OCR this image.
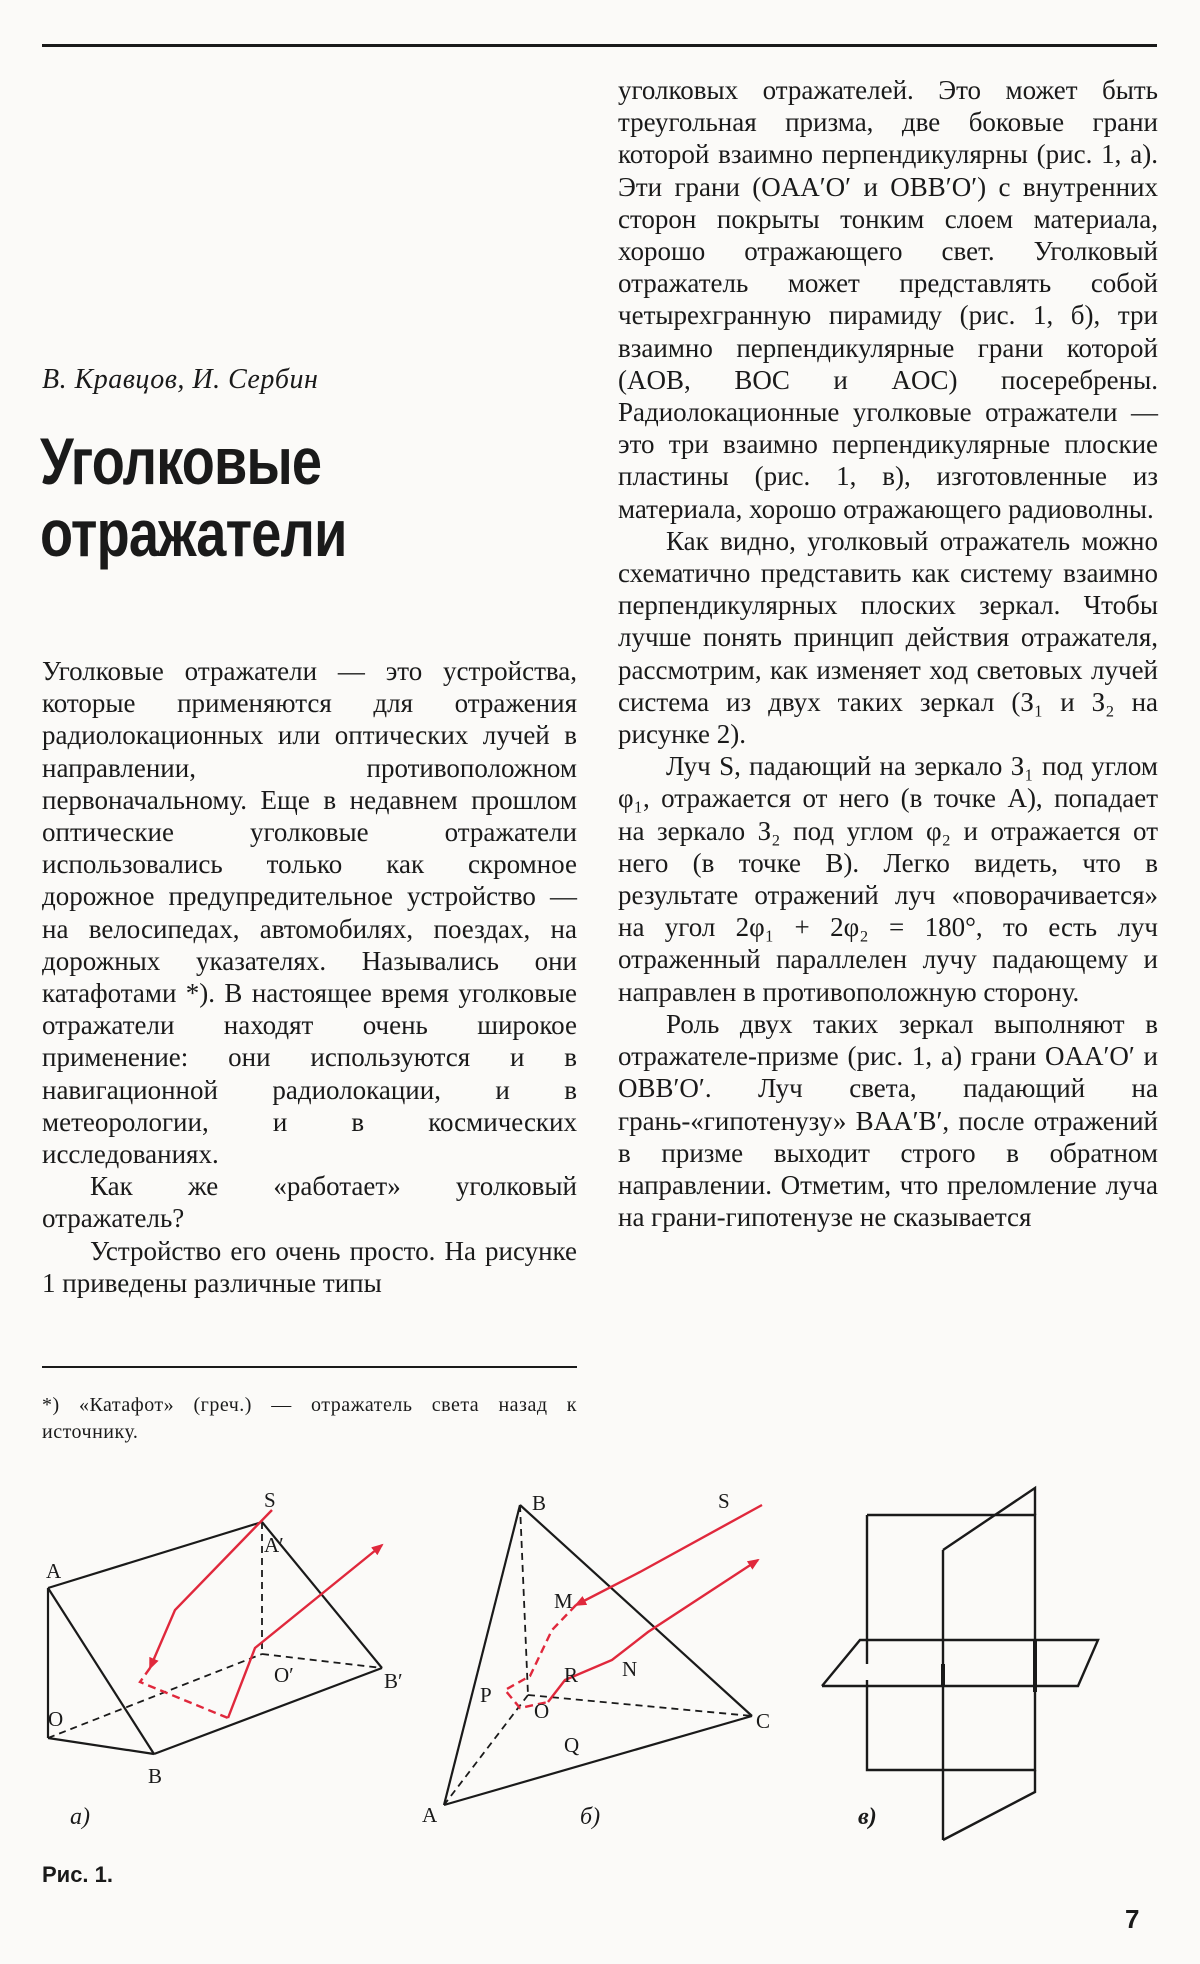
В. Кравцов, И. Сербин
Уголковые
отражатели

Уголковые отражатели — это устройства, которые применяются для отражения радиолокационных или оптических лучей в направлении, противоположном первоначальному. Еще в недавнем прошлом оптические уголковые отражатели использовались только как скромное дорожное предупредительное устройство — на велосипедах, автомобилях, поездах, на дорожных указателях. Назывались они катафотами *). В настоящее время уголковые отражатели находят очень широкое применение: они используются и в навигационной радиолокации, и в метеорологии, и в космических исследованиях.

Как же «работает» уголковый отражатель?

Устройство его очень просто. На рисунке 1 приведены различные типы

*) «Катафот» (греч.) — отражатель света назад к источнику.

уголковых отражателей. Это может быть треугольная призма, две боковые грани которой взаимно перпендикулярны (рис. 1, а). Эти грани (OAA′O′ и OBB′O′) с внутренних сторон покрыты тонким слоем материала, хорошо отражающего свет. Уголковый отражатель может представлять собой четырехгранную пирамиду (рис. 1, б), три взаимно перпендикулярные грани которой (AOB, BOC и AOC) посеребрены. Радиолокационные уголковые отражатели — это три взаимно перпендикулярные плоские пластины (рис. 1, в), изготовленные из материала, хорошо отражающего радиоволны.

Как видно, уголковый отражатель можно схематично представить как систему взаимно перпендикулярных плоских зеркал. Чтобы лучше понять принцип действия отражателя, рассмотрим, как изменяет ход световых лучей система из двух таких зеркал (З₁ и З₂ на рисунке 2).

Луч S, падающий на зеркало З₁ под углом φ₁, отражается от него (в точке A), попадает на зеркало З₂ под углом φ₂ и отражается от него (в точке B). Легко видеть, что в результате отражений луч «поворачивается» на угол 2φ₁ + 2φ₂ = 180°, то есть луч отраженный параллелен лучу падающему и направлен в противоположную сторону.

Роль двух таких зеркал выполняют в отражателе-призме (рис. 1, а) грани OAA′O′ и OBB′O′. Луч света, падающий на грань-«гипотенузу» BAA′B′, после отражений в призме выходит строго в обратном направлении. Отметим, что преломление луча на грани-гипотенузе не сказывается

S
A′
A
O′
O
B′
B
а)
B	S
M
R N
P
O	C
Q
A	б)	в)
Рис. 1.
7
